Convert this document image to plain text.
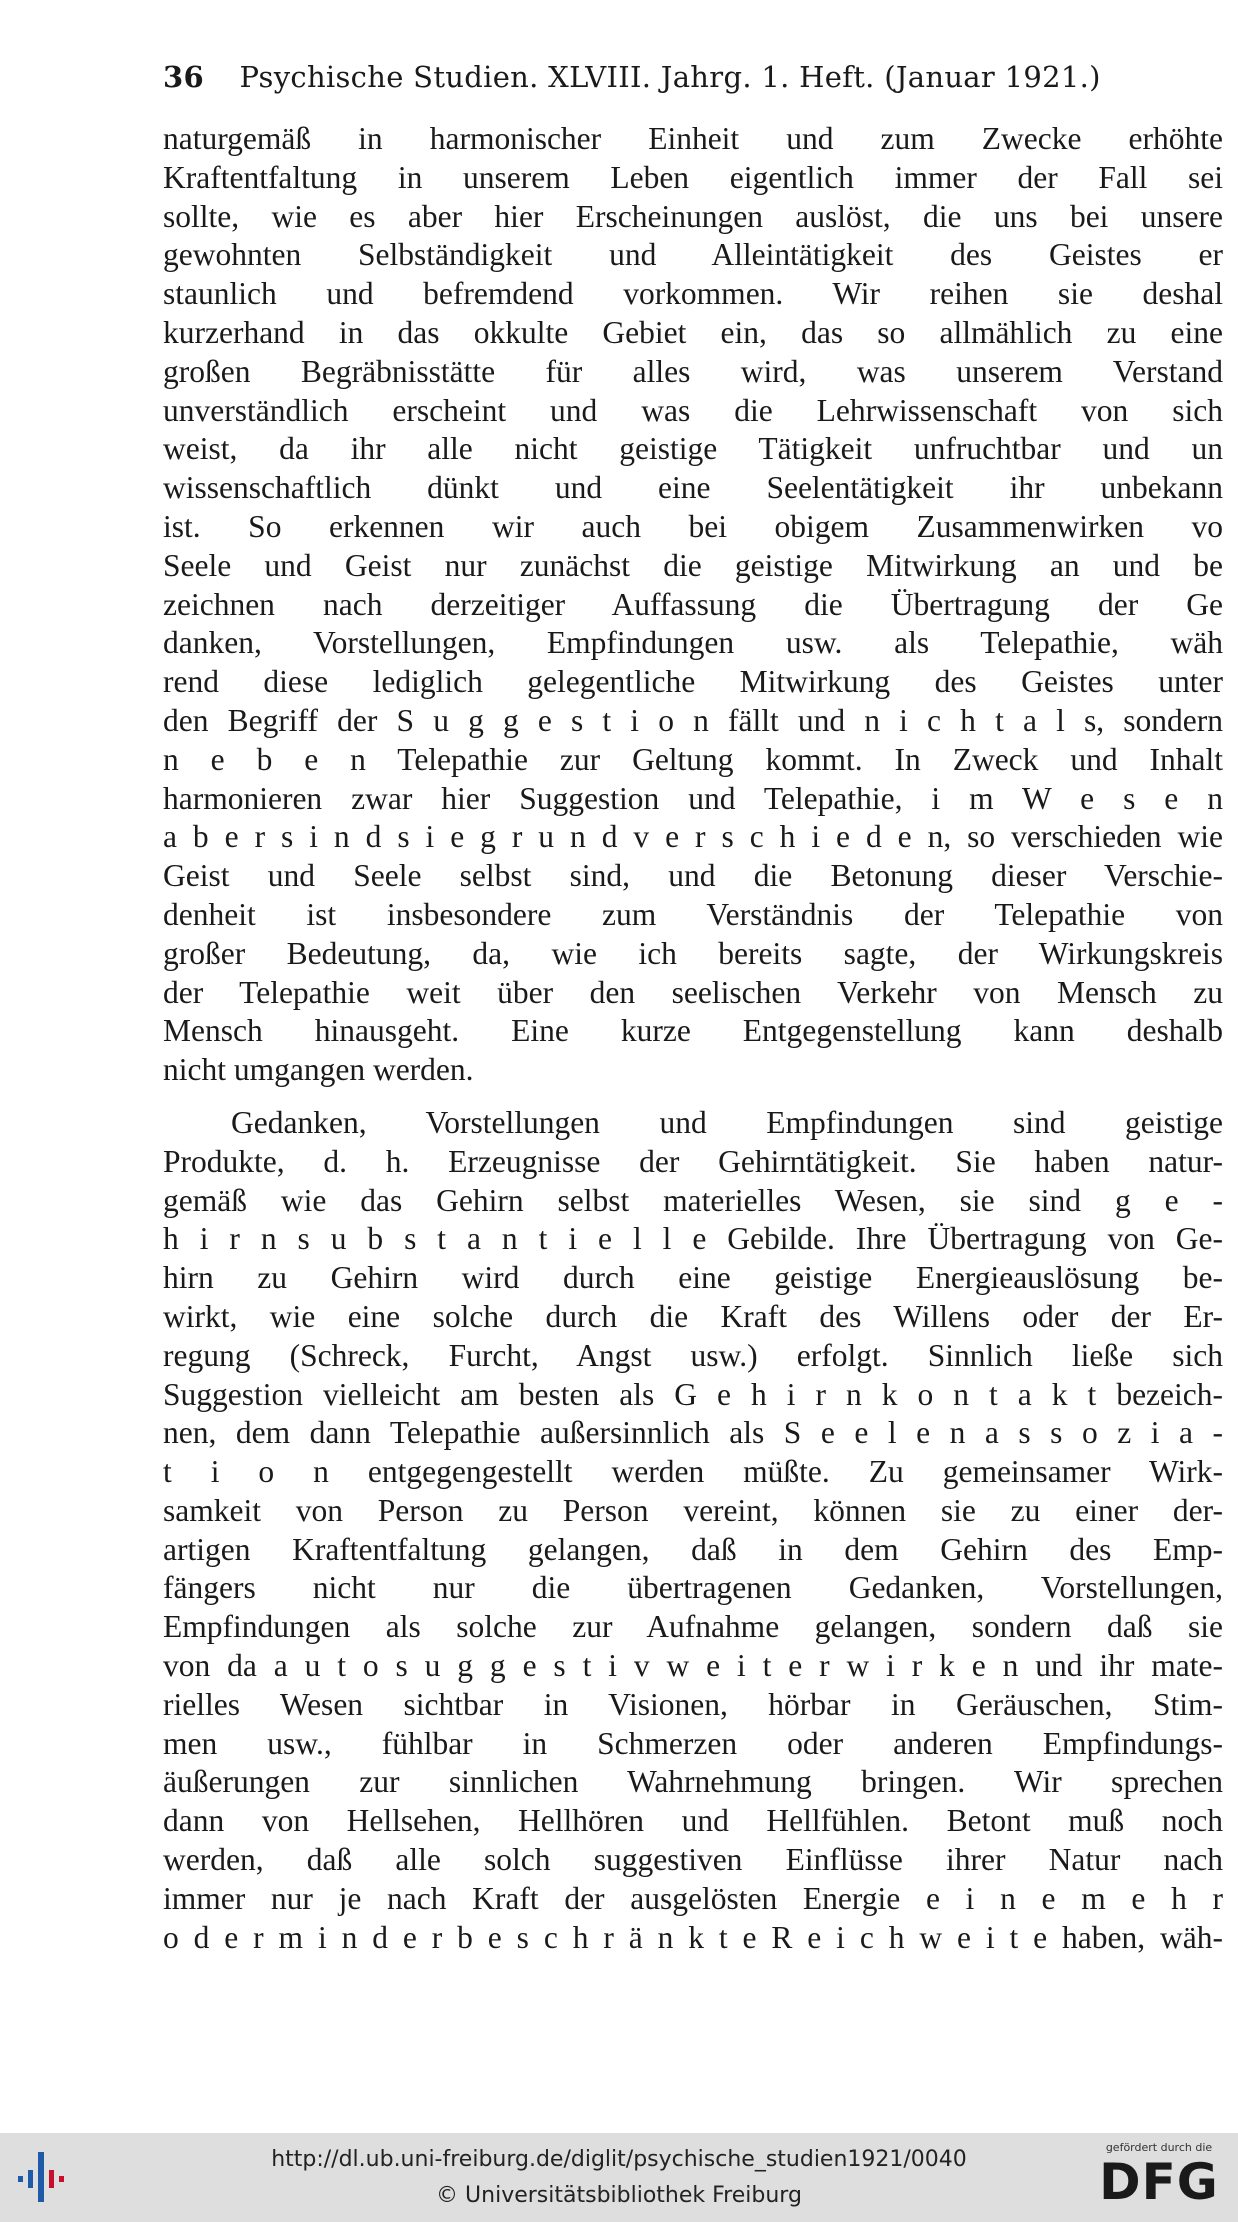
36 Psychische Studien. XLVIII. Jahrg. 1. Heft. (Januar 1921.)
naturgemäß in harmonischer Einheit und zum Zwecke erhöhte
Kraftentfaltung in unserem Leben eigentlich immer der Fall sei
sollte, wie es aber hier Erscheinungen auslöst, die uns bei unsere
gewohnten Selbständigkeit und Alleintätigkeit des Geistes er
staunlich und befremdend vorkommen. Wir reihen sie deshal
kurzerhand in das okkulte Gebiet ein, das so allmählich zu eine
großen Begräbnisstätte für alles wird, was unserem Verstand
unverständlich erscheint und was die Lehrwissenschaft von sich
weist, da ihr alle nicht geistige Tätigkeit unfruchtbar und un
wissenschaftlich dünkt und eine Seelentätigkeit ihr unbekann
ist. So erkennen wir auch bei obigem Zusammenwirken vo
Seele und Geist nur zunächst die geistige Mitwirkung an und be
zeichnen nach derzeitiger Auffassung die Übertragung der Ge
danken, Vorstellungen, Empfindungen usw. als Telepathie, wäh
rend diese lediglich gelegentliche Mitwirkung des Geistes unter
den Begriff der S u g g e s t i o n fällt und n i c h t a l s, sondern
n e b e n Telepathie zur Geltung kommt. In Zweck und Inhalt
harmonieren zwar hier Suggestion und Telepathie, i m W e s e n
a b e r s i n d s i e g r u n d v e r s c h i e d e n, so verschieden wie
Geist und Seele selbst sind, und die Betonung dieser Verschie-
denheit ist insbesondere zum Verständnis der Telepathie von
großer Bedeutung, da, wie ich bereits sagte, der Wirkungskreis
der Telepathie weit über den seelischen Verkehr von Mensch zu
Mensch hinausgeht. Eine kurze Entgegenstellung kann deshalb
nicht umgangen werden.
Gedanken, Vorstellungen und Empfindungen sind geistige
Produkte, d. h. Erzeugnisse der Gehirntätigkeit. Sie haben natur-
gemäß wie das Gehirn selbst materielles Wesen, sie sind g e -
h i r n s u b s t a n t i e l l e Gebilde. Ihre Übertragung von Ge-
hirn zu Gehirn wird durch eine geistige Energieauslösung be-
wirkt, wie eine solche durch die Kraft des Willens oder der Er-
regung (Schreck, Furcht, Angst usw.) erfolgt. Sinnlich ließe sich
Suggestion vielleicht am besten als G e h i r n k o n t a k t bezeich-
nen, dem dann Telepathie außersinnlich als S e e l e n a s s o z i a -
t i o n entgegengestellt werden müßte. Zu gemeinsamer Wirk-
samkeit von Person zu Person vereint, können sie zu einer der-
artigen Kraftentfaltung gelangen, daß in dem Gehirn des Emp-
fängers nicht nur die übertragenen Gedanken, Vorstellungen,
Empfindungen als solche zur Aufnahme gelangen, sondern daß sie
von da a u t o s u g g e s t i v w e i t e r w i r k e n und ihr mate-
rielles Wesen sichtbar in Visionen, hörbar in Geräuschen, Stim-
men usw., fühlbar in Schmerzen oder anderen Empfindungs-
äußerungen zur sinnlichen Wahrnehmung bringen. Wir sprechen
dann von Hellsehen, Hellhören und Hellfühlen. Betont muß noch
werden, daß alle solch suggestiven Einflüsse ihrer Natur nach
immer nur je nach Kraft der ausgelösten Energie e i n e m e h r
o d e r m i n d e r b e s c h r ä n k t e R e i c h w e i t e haben, wäh-
http://dl.ub.uni-freiburg.de/diglit/psychische_studien1921/0040
© Universitätsbibliothek Freiburg
gefördert durch die
DFG
